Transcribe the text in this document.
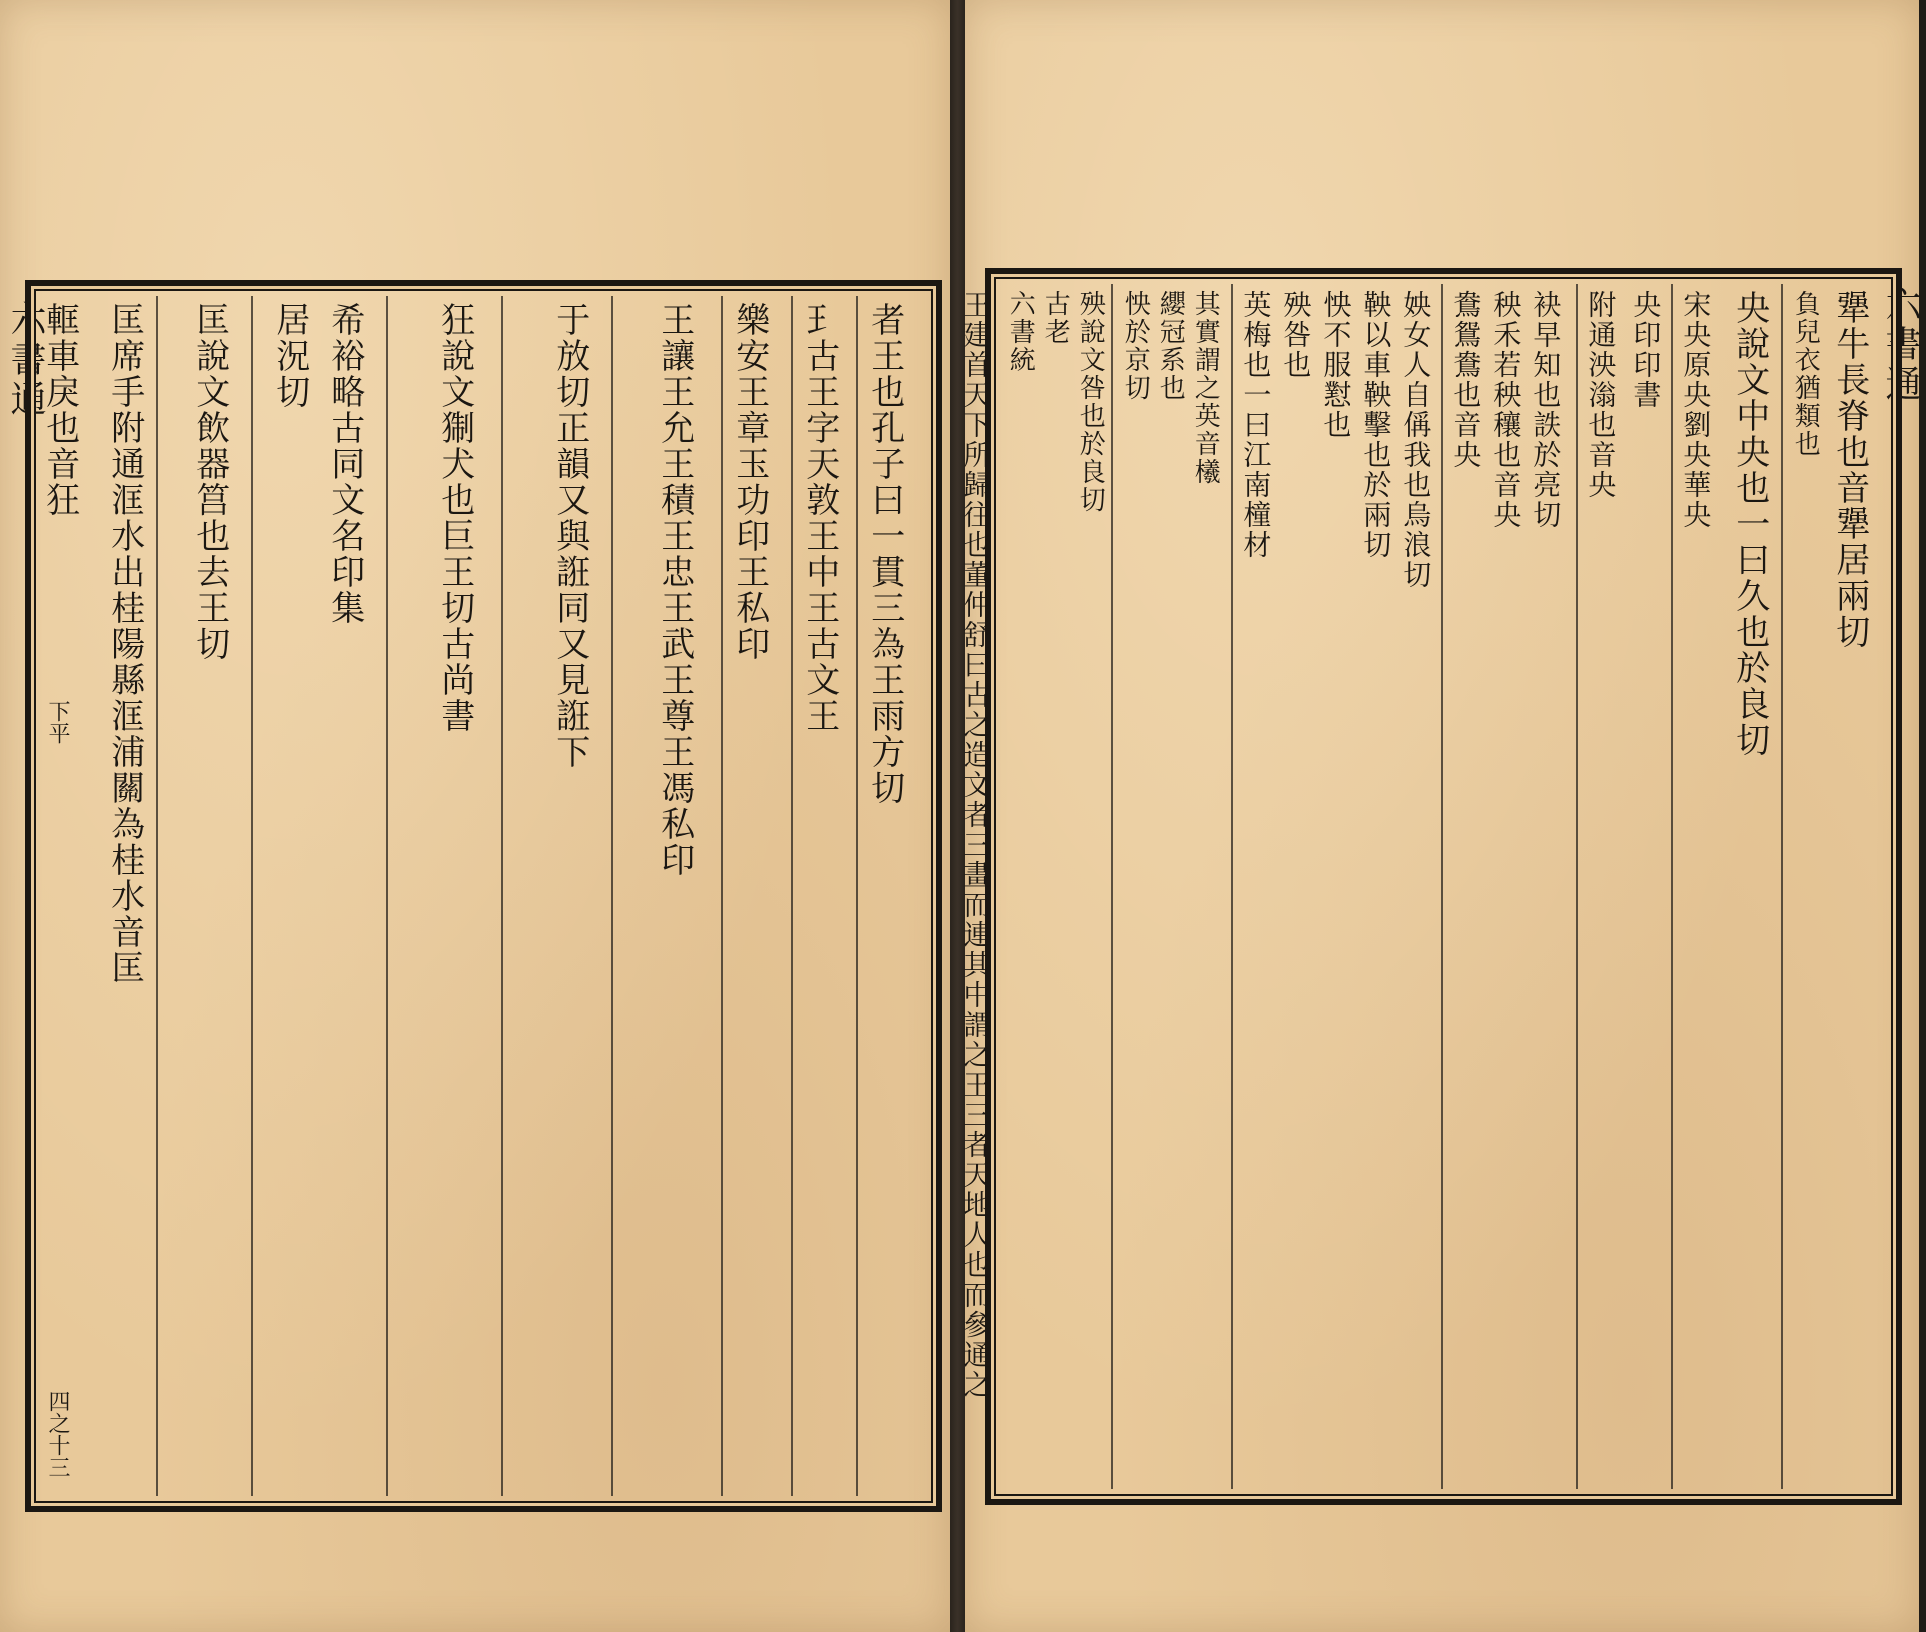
六書通
下平
四之十三
者王也孔子曰一貫三為王雨方切
𤣩古王字天敦王中王古文王
樂安王章玉功印王私印
王讓王允王積王忠王武王尊王馮私印
于放切正韻又與誑同又見誑下
狂說文猘犬也巨王切古尚書
希裕略古同文名印集
居況切
匡說文飲器筥也去王切
匡席手附通洭水出桂陽縣洭浦關為桂水音匡
軭車戾也音狂	六書通
犟牛長脊也音犟居兩切
負兒衣猶類也
央說文中央也一曰久也於良切
宋央原央劉央華央
央印印書
附通泱滃也音央
袂早知也詄於亮切
秧禾若秧穰也音央
鴦鴛鴦也音央
姎女人自偁我也烏浪切
鞅以車鞅擊也於兩切
怏不服懟也
殃咎也
英梅也一曰江南橦材
其實謂之英音㰕
纓冠系也
怏於京切
殃說文咎也於良切
古老
六書統
王建首天下所歸往也董仲舒曰古之造文者三畫而連其中謂之王三者天地人也而參通之
